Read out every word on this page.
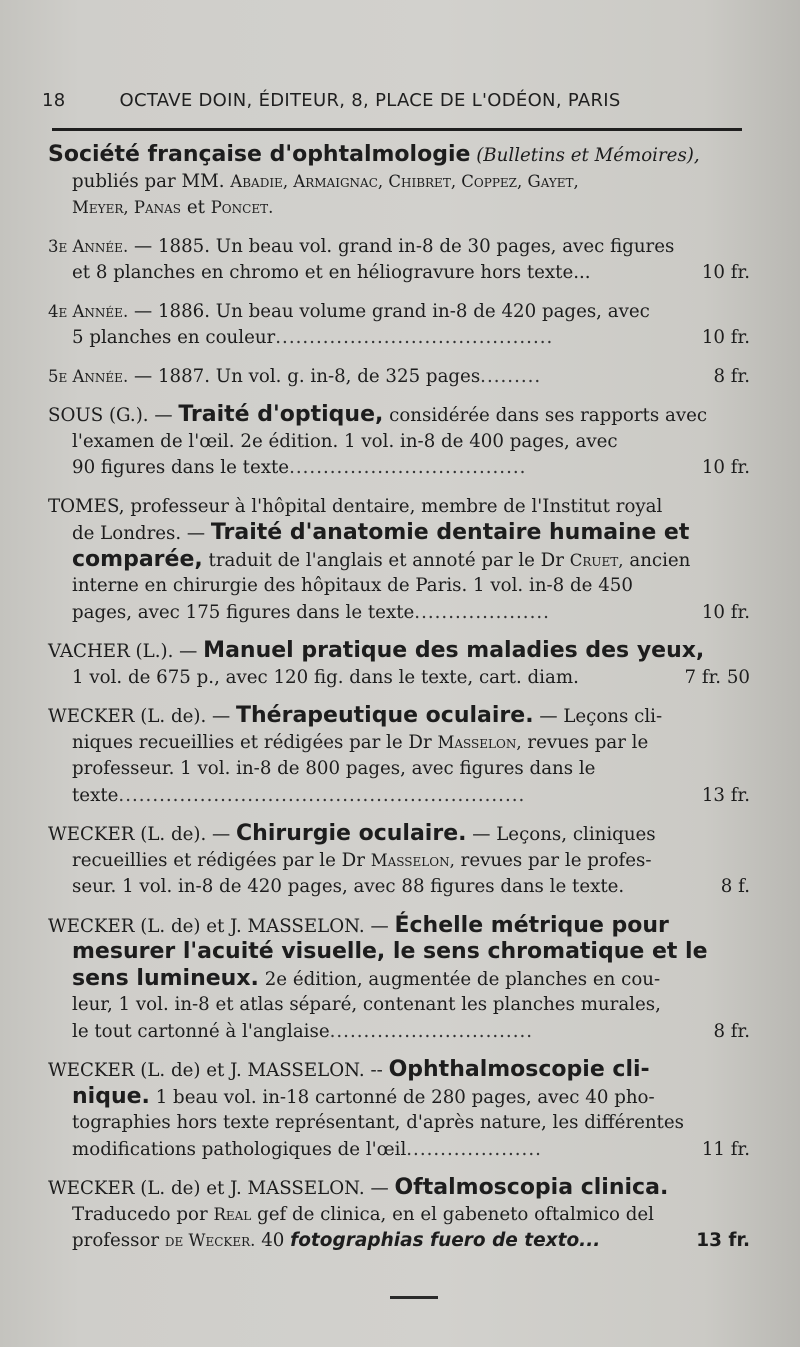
18	OCTAVE DOIN, ÉDITEUR, 8, PLACE DE L'ODÉON, PARIS
Société française d'ophtalmologie (Bulletins et Mémoires),
publiés par MM. Abadie, Armaignac, Chibret, Coppez, Gayet,
Meyer, Panas et Poncet.
3e Année. — 1885. Un beau vol. grand in-8 de 30 pages, avec figures
et 8 planches en chromo et en héliogravure hors texte...	10 fr.
4e Année. — 1886. Un beau volume grand in-8 de 420 pages, avec
5 planches en couleur.........................................	10 fr.
5e Année. — 1887. Un vol. g. in-8, de 325 pages.........	8 fr.
SOUS (G.). — Traité d'optique, considérée dans ses rapports avec
l'examen de l'œil. 2e édition. 1 vol. in-8 de 400 pages, avec
90 figures dans le texte...................................	10 fr.
TOMES, professeur à l'hôpital dentaire, membre de l'Institut royal
de Londres. — Traité d'anatomie dentaire humaine et
comparée, traduit de l'anglais et annoté par le Dr Cruet, ancien
interne en chirurgie des hôpitaux de Paris. 1 vol. in-8 de 450
pages, avec 175 figures dans le texte....................	10 fr.
VACHER (L.). — Manuel pratique des maladies des yeux,
1 vol. de 675 p., avec 120 fig. dans le texte, cart. diam.	7 fr. 50
WECKER (L. de). — Thérapeutique oculaire. — Leçons cli-
niques recueillies et rédigées par le Dr Masselon, revues par le
professeur. 1 vol. in-8 de 800 pages, avec figures dans le
texte............................................................	13 fr.
WECKER (L. de). — Chirurgie oculaire. — Leçons, cliniques
recueillies et rédigées par le Dr Masselon, revues par le profes-
seur. 1 vol. in-8 de 420 pages, avec 88 figures dans le texte.	8 f.
WECKER (L. de) et J. MASSELON. — Échelle métrique pour
mesurer l'acuité visuelle, le sens chromatique et le
sens lumineux. 2e édition, augmentée de planches en cou-
leur, 1 vol. in-8 et atlas séparé, contenant les planches murales,
le tout cartonné à l'anglaise..............................	8 fr.
WECKER (L. de) et J. MASSELON. -- Ophthalmoscopie cli-
nique. 1 beau vol. in-18 cartonné de 280 pages, avec 40 pho-
tographies hors texte représentant, d'après nature, les différentes
modifications pathologiques de l'œil....................	11 fr.
WECKER (L. de) et J. MASSELON. — Oftalmoscopia clinica.
Traducedo por Real gef de clinica, en el gabeneto oftalmico del
professor de Wecker. 40 fotographias fuero de texto...	13 fr.
